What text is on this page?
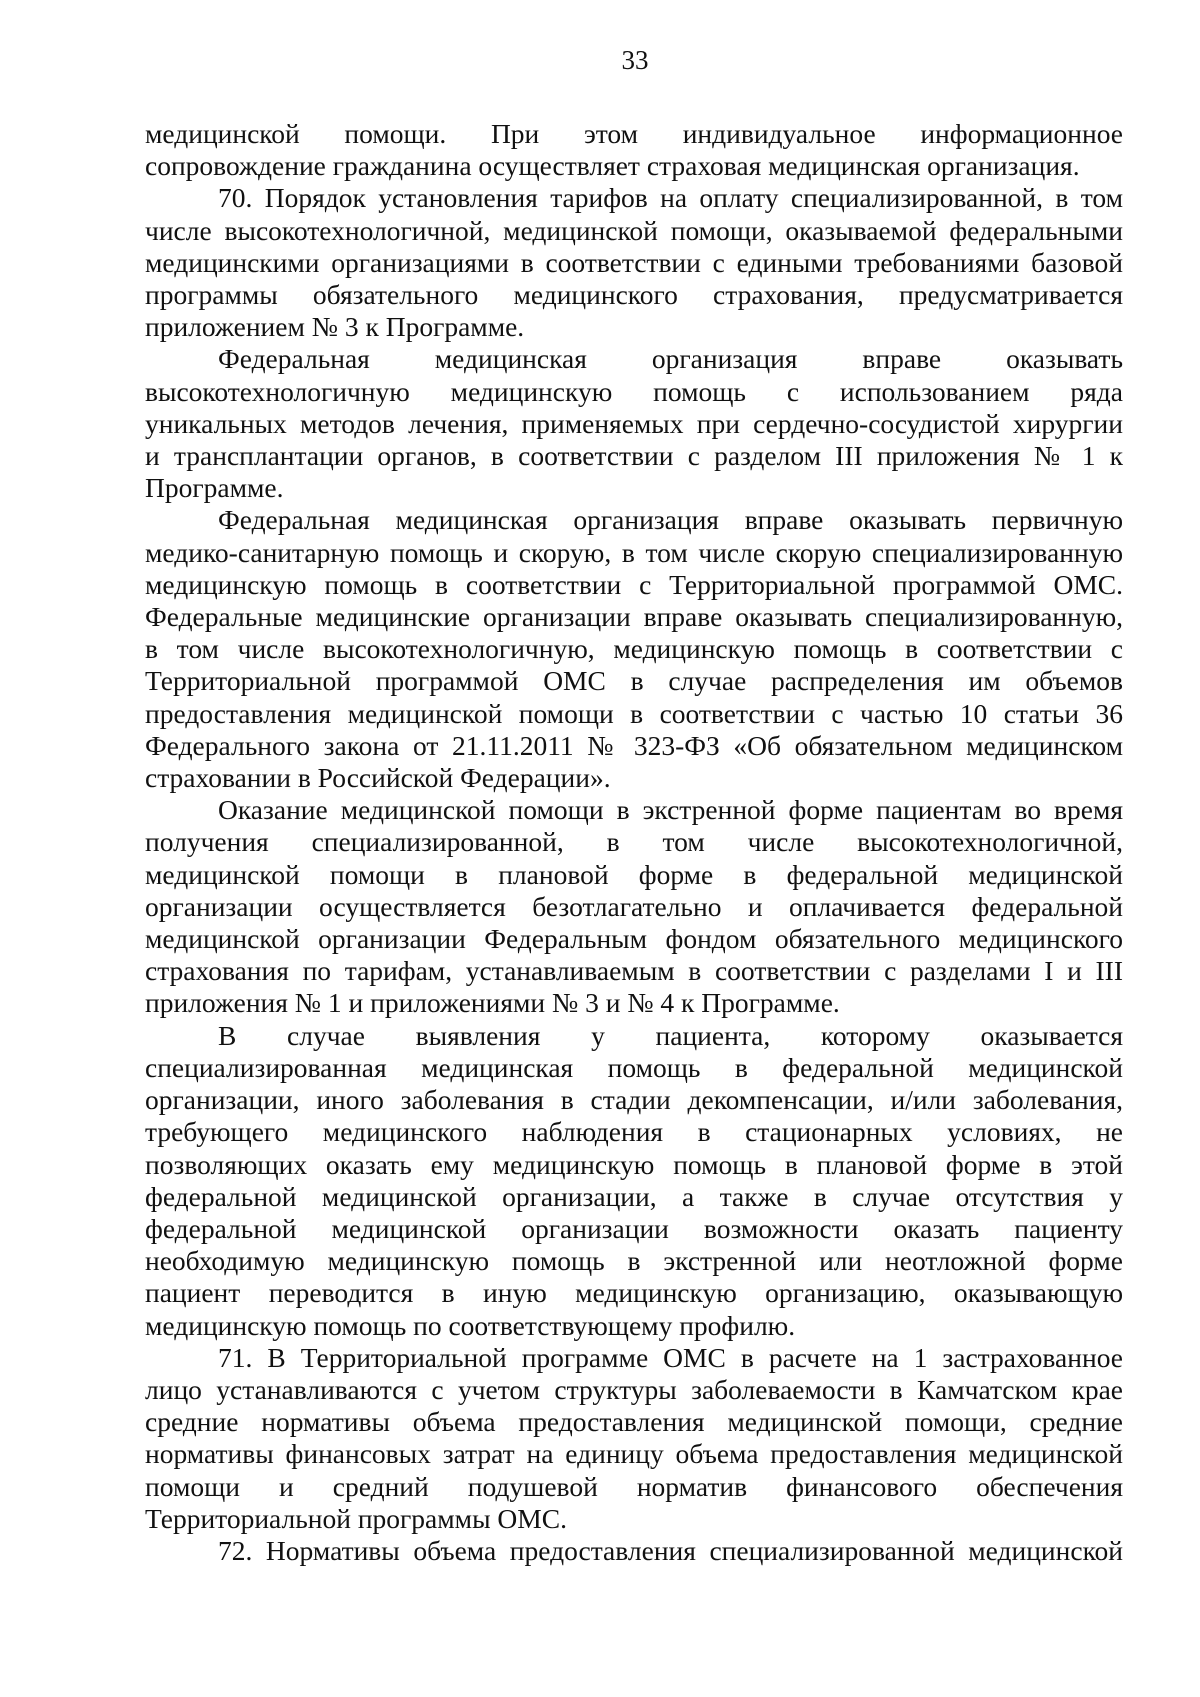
33

медицинской помощи. При этом индивидуальное информационное

сопровождение гражданина осуществляет страховая медицинская организация.

70. Порядок установления тарифов на оплату специализированной, в том

числе высокотехнологичной, медицинской помощи, оказываемой федеральными

медицинскими организациями в соответствии с едиными требованиями базовой

программы обязательного медицинского страхования, предусматривается

приложением № 3 к Программе.

Федеральная медицинская организация вправе оказывать

высокотехнологичную медицинскую помощь с использованием ряда

уникальных методов лечения, применяемых при сердечно-сосудистой хирургии

и трансплантации органов, в соответствии с разделом III приложения № 1 к

Программе.

Федеральная медицинская организация вправе оказывать первичную

медико-санитарную помощь и скорую, в том числе скорую специализированную

медицинскую помощь в соответствии с Территориальной программой ОМС.

Федеральные медицинские организации вправе оказывать специализированную,

в том числе высокотехнологичную, медицинскую помощь в соответствии с

Территориальной программой ОМС в случае распределения им объемов

предоставления медицинской помощи в соответствии с частью 10 статьи 36

Федерального закона от 21.11.2011 № 323-ФЗ «Об обязательном медицинском

страховании в Российской Федерации».

Оказание медицинской помощи в экстренной форме пациентам во время

получения специализированной, в том числе высокотехнологичной,

медицинской помощи в плановой форме в федеральной медицинской

организации осуществляется безотлагательно и оплачивается федеральной

медицинской организации Федеральным фондом обязательного медицинского

страхования по тарифам, устанавливаемым в соответствии с разделами I и III

приложения № 1 и приложениями № 3 и № 4 к Программе.

В случае выявления у пациента, которому оказывается

специализированная медицинская помощь в федеральной медицинской

организации, иного заболевания в стадии декомпенсации, и/или заболевания,

требующего медицинского наблюдения в стационарных условиях, не

позволяющих оказать ему медицинскую помощь в плановой форме в этой

федеральной медицинской организации, а также в случае отсутствия у

федеральной медицинской организации возможности оказать пациенту

необходимую медицинскую помощь в экстренной или неотложной форме

пациент переводится в иную медицинскую организацию, оказывающую

медицинскую помощь по соответствующему профилю.

71. В Территориальной программе ОМС в расчете на 1 застрахованное

лицо устанавливаются с учетом структуры заболеваемости в Камчатском крае

средние нормативы объема предоставления медицинской помощи, средние

нормативы финансовых затрат на единицу объема предоставления медицинской

помощи и средний подушевой норматив финансового обеспечения

Территориальной программы ОМС.

72. Нормативы объема предоставления специализированной медицинской
